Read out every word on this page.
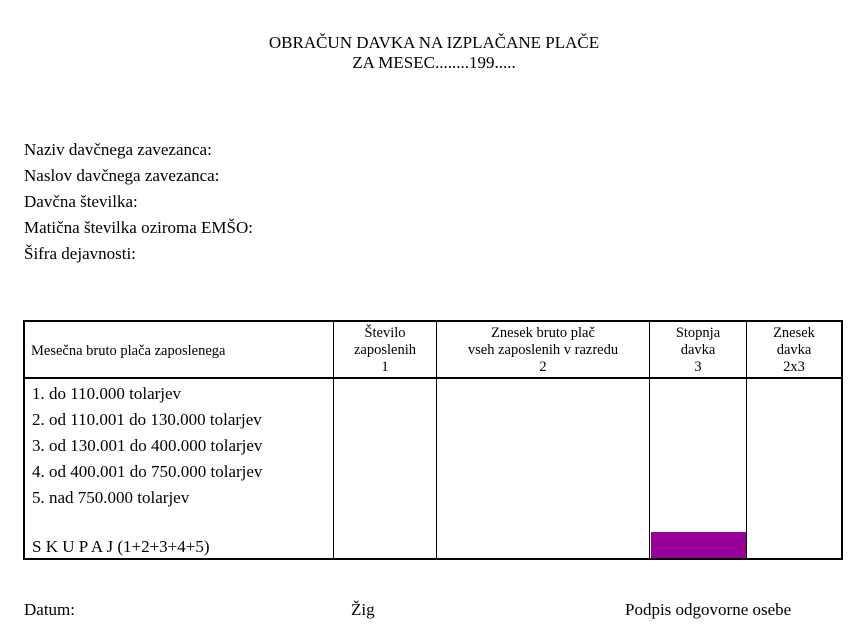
OBRAČUN DAVKA NA IZPLAČANE PLAČE
ZA MESEC........199.....
Naziv davčnega zavezanca:
Naslov davčnega zavezanca:
Davčna številka:
Matična številka oziroma EMŠO:
Šifra dejavnosti:
Mesečna bruto plača zaposlenega
Število
zaposlenih
1
Znesek bruto plač
vseh zaposlenih v razredu
2
Stopnja
davka
3
Znesek
davka
2x3
1. do 110.000 tolarjev
2. od 110.001 do 130.000 tolarjev
3. od 130.001 do 400.000 tolarjev
4. od 400.001 do 750.000 tolarjev
5. nad 750.000 tolarjev
S K U P A J (1+2+3+4+5)
Datum:	Žig	Podpis odgovorne osebe
